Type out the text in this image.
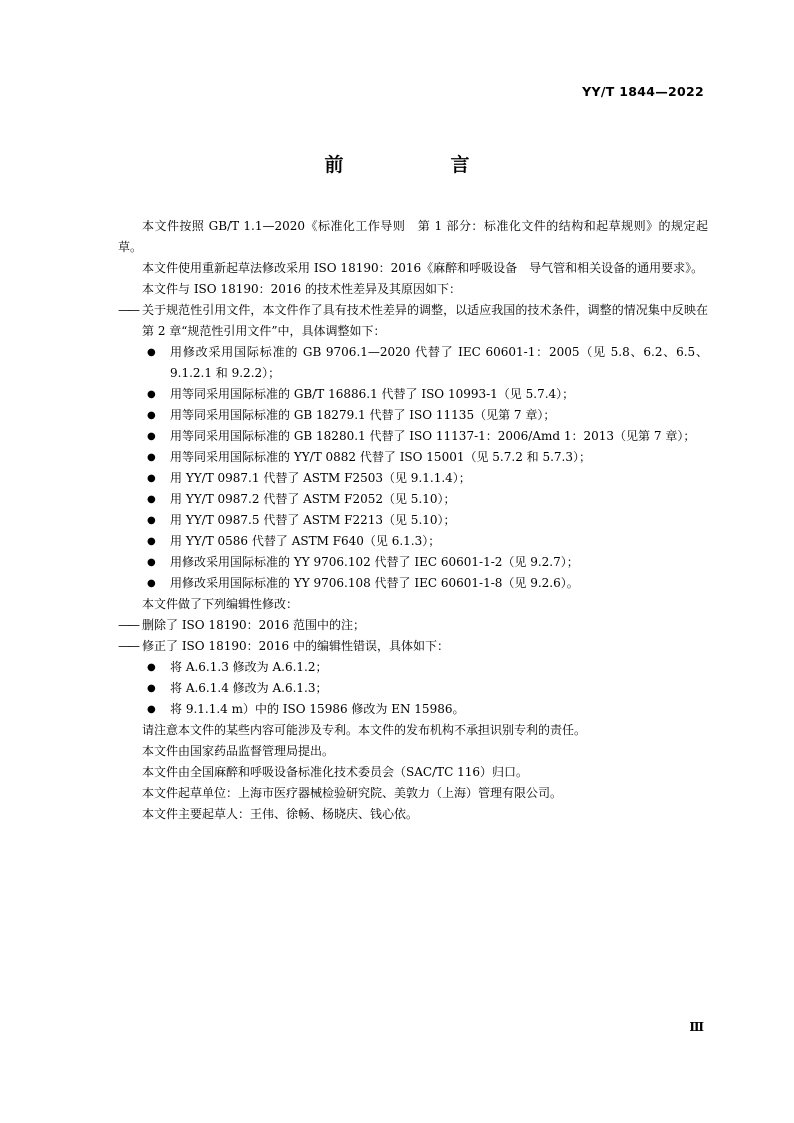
YY/T 1844—2022
前　言

本文件按照 GB/T 1.1—2020《标准化工作导则　第 1 部分：标准化文件的结构和起草规则》的规定起草。

本文件使用重新起草法修改采用 ISO 18190：2016《麻醉和呼吸设备　导气管和相关设备的通用要求》。

本文件与 ISO 18190：2016 的技术性差异及其原因如下：

—— 关于规范性引用文件，本文件作了具有技术性差异的调整，以适应我国的技术条件，调整的情况集中反映在第 2 章“规范性引用文件”中，具体调整如下：

● 用修改采用国际标准的 GB 9706.1—2020 代替了 IEC 60601-1：2005（见 5.8、6.2、6.5、9.1.2.1 和 9.2.2）；
● 用等同采用国际标准的 GB/T 16886.1 代替了 ISO 10993-1（见 5.7.4）；
● 用等同采用国际标准的 GB 18279.1 代替了 ISO 11135（见第 7 章）；
● 用等同采用国际标准的 GB 18280.1 代替了 ISO 11137-1：2006/Amd 1：2013（见第 7 章）；
● 用等同采用国际标准的 YY/T 0882 代替了 ISO 15001（见 5.7.2 和 5.7.3）；
● 用 YY/T 0987.1 代替了 ASTM F2503（见 9.1.1.4）；
● 用 YY/T 0987.2 代替了 ASTM F2052（见 5.10）；
● 用 YY/T 0987.5 代替了 ASTM F2213（见 5.10）；
● 用 YY/T 0586 代替了 ASTM F640（见 6.1.3）；
● 用修改采用国际标准的 YY 9706.102 代替了 IEC 60601-1-2（见 9.2.7）；
● 用修改采用国际标准的 YY 9706.108 代替了 IEC 60601-1-8（见 9.2.6）。

本文件做了下列编辑性修改：

—— 删除了 ISO 18190：2016 范围中的注；

—— 修正了 ISO 18190：2016 中的编辑性错误，具体如下：

● 将 A.6.1.3 修改为 A.6.1.2；
● 将 A.6.1.4 修改为 A.6.1.3；
● 将 9.1.1.4 m）中的 ISO 15986 修改为 EN 15986。

请注意本文件的某些内容可能涉及专利。本文件的发布机构不承担识别专利的责任。

本文件由国家药品监督管理局提出。

本文件由全国麻醉和呼吸设备标准化技术委员会（SAC/TC 116）归口。

本文件起草单位：上海市医疗器械检验研究院、美敦力（上海）管理有限公司。

本文件主要起草人：王伟、徐畅、杨晓庆、钱心依。

Ⅲ
